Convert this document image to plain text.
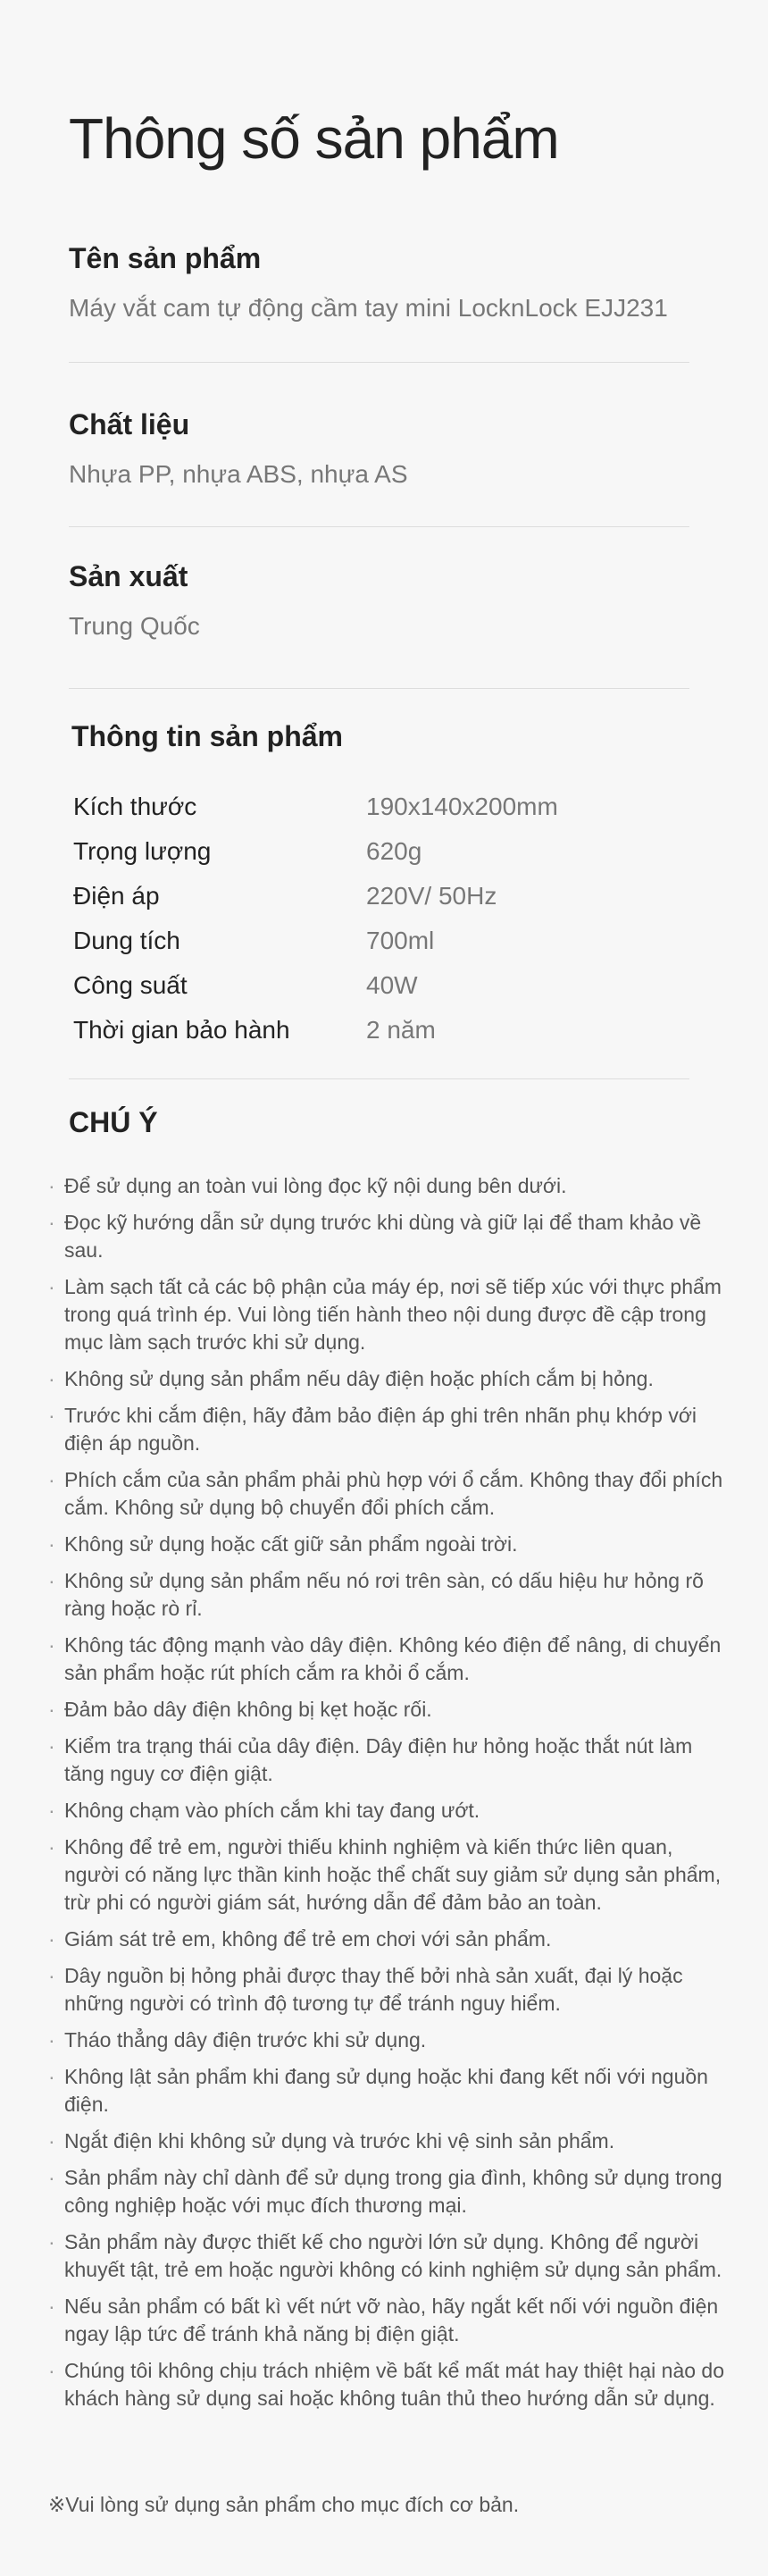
Thông số sản phẩm
Tên sản phẩm
Máy vắt cam tự động cầm tay mini LocknLock EJJ231
Chất liệu
Nhựa PP, nhựa ABS, nhựa AS
Sản xuất
Trung Quốc
Thông tin sản phẩm
Kích thước	190x140x200mm
Trọng lượng	620g
Điện áp	220V/ 50Hz
Dung tích	700ml
Công suất	40W
Thời gian bảo hành	2 năm
CHÚ Ý
· Để sử dụng an toàn vui lòng đọc kỹ nội dung bên dưới.
· Đọc kỹ hướng dẫn sử dụng trước khi dùng và giữ lại để tham khảo về sau.
· Làm sạch tất cả các bộ phận của máy ép, nơi sẽ tiếp xúc với thực phẩm trong quá trình ép. Vui lòng tiến hành theo nội dung được đề cập trong mục làm sạch trước khi sử dụng.
· Không sử dụng sản phẩm nếu dây điện hoặc phích cắm bị hỏng.
· Trước khi cắm điện, hãy đảm bảo điện áp ghi trên nhãn phụ khớp với điện áp nguồn.
· Phích cắm của sản phẩm phải phù hợp với ổ cắm. Không thay đổi phích cắm. Không sử dụng bộ chuyển đổi phích cắm.
· Không sử dụng hoặc cất giữ sản phẩm ngoài trời.
· Không sử dụng sản phẩm nếu nó rơi trên sàn, có dấu hiệu hư hỏng rõ ràng hoặc rò rỉ.
· Không tác động mạnh vào dây điện. Không kéo điện để nâng, di chuyển sản phẩm hoặc rút phích cắm ra khỏi ổ cắm.
· Đảm bảo dây điện không bị kẹt hoặc rối.
· Kiểm tra trạng thái của dây điện. Dây điện hư hỏng hoặc thắt nút làm tăng nguy cơ điện giật.
· Không chạm vào phích cắm khi tay đang ướt.
· Không để trẻ em, người thiếu khinh nghiệm và kiến thức liên quan, người có năng lực thần kinh hoặc thể chất suy giảm sử dụng sản phẩm, trừ phi có người giám sát, hướng dẫn để đảm bảo an toàn.
· Giám sát trẻ em, không để trẻ em chơi với sản phẩm.
· Dây nguồn bị hỏng phải được thay thế bởi nhà sản xuất, đại lý hoặc những người có trình độ tương tự để tránh nguy hiểm.
· Tháo thẳng dây điện trước khi sử dụng.
· Không lật sản phẩm khi đang sử dụng hoặc khi đang kết nối với nguồn điện.
· Ngắt điện khi không sử dụng và trước khi vệ sinh sản phẩm.
· Sản phẩm này chỉ dành để sử dụng trong gia đình, không sử dụng trong công nghiệp hoặc với mục đích thương mại.
· Sản phẩm này được thiết kế cho người lớn sử dụng. Không để người khuyết tật, trẻ em hoặc người không có kinh nghiệm sử dụng sản phẩm.
· Nếu sản phẩm có bất kì vết nứt vỡ nào, hãy ngắt kết nối với nguồn điện ngay lập tức để tránh khả năng bị điện giật.
· Chúng tôi không chịu trách nhiệm về bất kể mất mát hay thiệt hại nào do khách hàng sử dụng sai hoặc không tuân thủ theo hướng dẫn sử dụng.
※Vui lòng sử dụng sản phẩm cho mục đích cơ bản.
